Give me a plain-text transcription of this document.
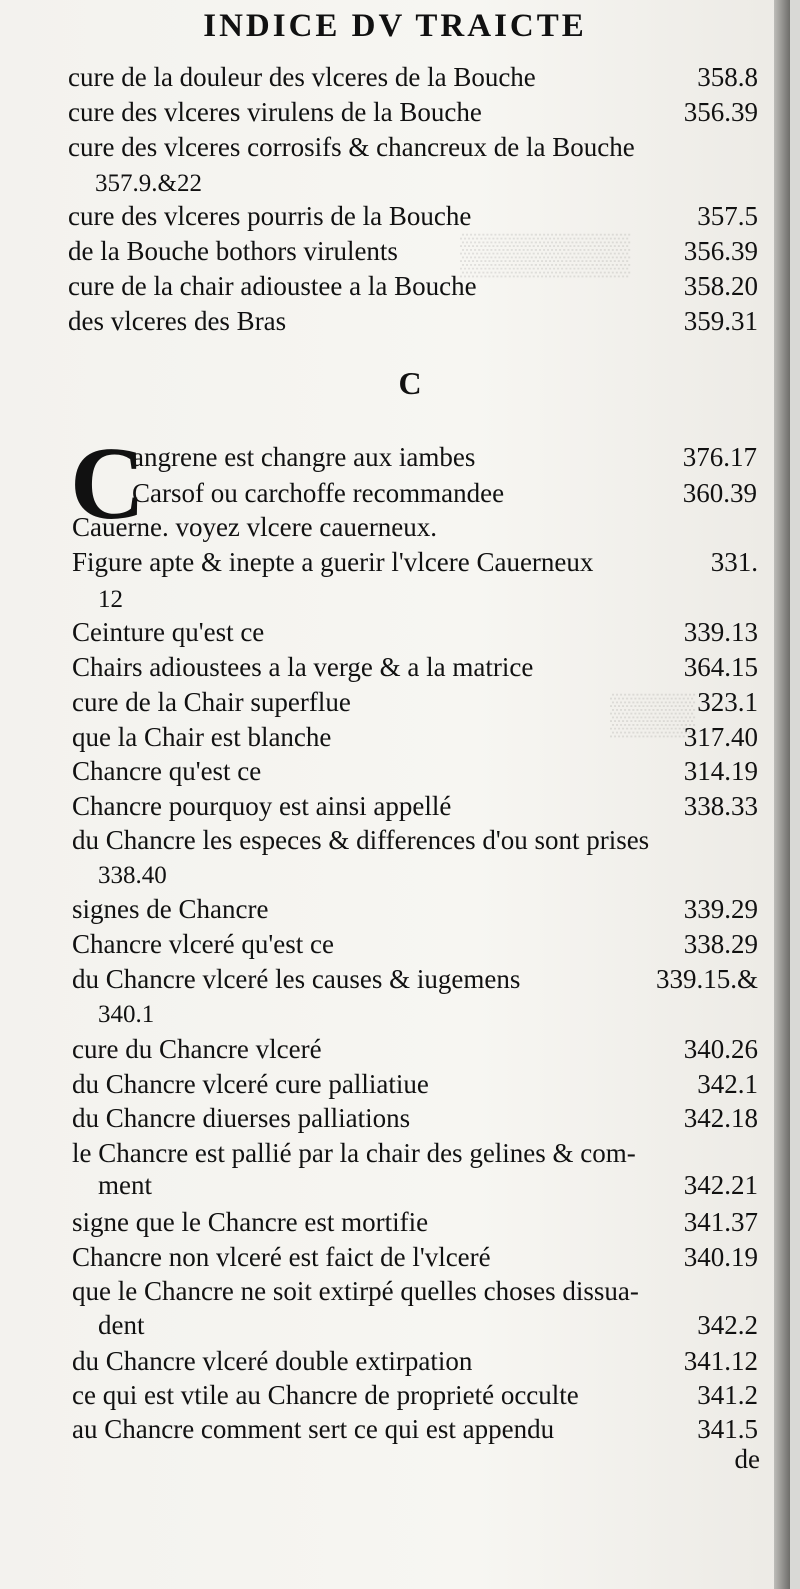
▒▒▒▒▒▒
▒▒▒
INDICE DV TRAICTE
cure de la douleur des vlceres de la Bouche	358.8
cure des vlceres virulens de la Bouche	356.39
cure des vlceres corrosifs & chancreux de la Bouche
357.9.&22
cure des vlceres pourris de la Bouche	357.5
de la Bouche bothors virulents	356.39
cure de la chair adioustee a la Bouche	358.20
des vlceres des Bras	359.31
C
C
angrene est changre aux iambes	376.17
Carsof ou carchoffe recommandee	360.39
Cauerne. voyez vlcere cauerneux.
Figure apte & inepte a guerir l'vlcere Cauerneux	331.
12
Ceinture qu'est ce	339.13
Chairs adioustees a la verge & a la matrice	364.15
cure de la Chair superflue	323.1
que la Chair est blanche	317.40
Chancre qu'est ce	314.19
Chancre pourquoy est ainsi appellé	338.33
du Chancre les especes & differences d'ou sont prises
338.40
signes de Chancre	339.29
Chancre vlceré qu'est ce	338.29
du Chancre vlceré les causes & iugemens	339.15.&
340.1
cure du Chancre vlceré	340.26
du Chancre vlceré cure palliatiue	342.1
du Chancre diuerses palliations	342.18
le Chancre est pallié par la chair des gelines & com-
ment	342.21
signe que le Chancre est mortifie	341.37
Chancre non vlceré est faict de l'vlceré	340.19
que le Chancre ne soit extirpé quelles choses dissua-
dent	342.2
du Chancre vlceré double extirpation	341.12
ce qui est vtile au Chancre de proprieté occulte	341.2
au Chancre comment sert ce qui est appendu	341.5
de
